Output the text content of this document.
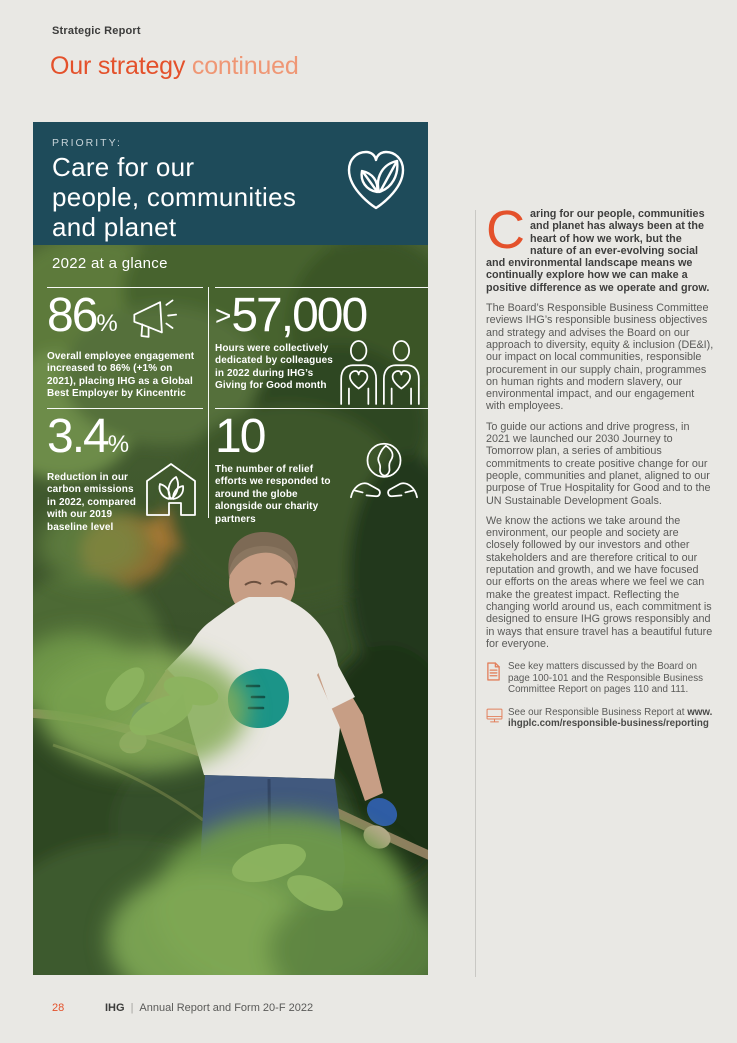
Strategic Report
Our strategy continued
PRIORITY:
Care for our
people, communities
and planet
2022 at a glance
86%
Overall employee engagement increased to 86% (+1% on 2021), placing IHG as a Global Best Employer by Kincentric
>57,000
Hours were collectively dedicated by colleagues in 2022 during IHG’s Giving for Good month
3.4%
Reduction in our carbon emissions in 2022, compared with our 2019 baseline level
10
The number of relief efforts we responded to around the globe alongside our charity partners

Caring for our people, communities and planet has always been at the heart of how we work, but the nature of an ever-evolving social and environmental landscape means we continually explore how we can make a positive difference as we operate and grow.

The Board’s Responsible Business Committee reviews IHG’s responsible business objectives and strategy and advises the Board on our approach to diversity, equity & inclusion (DE&I), our impact on local communities, responsible procurement in our supply chain, programmes on human rights and modern slavery, our environmental impact, and our engagement with employees.

To guide our actions and drive progress, in 2021 we launched our 2030 Journey to Tomorrow plan, a series of ambitious commitments to create positive change for our people, communities and planet, aligned to our purpose of True Hospitality for Good and to the UN Sustainable Development Goals.

We know the actions we take around the environment, our people and society are closely followed by our investors and other stakeholders and are therefore critical to our reputation and growth, and we have focused our efforts on the areas where we feel we can make the greatest impact. Reflecting the changing world around us, each commitment is designed to ensure IHG grows responsibly and in ways that ensure travel has a beautiful future for everyone.

See key matters discussed by the Board on page 100-101 and the Responsible Business Committee Report on pages 110 and 111.
See our Responsible Business Report at www.ihgplc.com/responsible-business/reporting
28	IHG | Annual Report and Form 20-F 2022
